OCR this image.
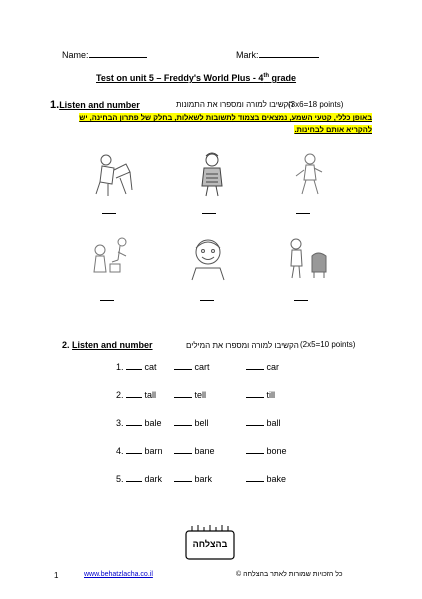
Name:	Mark:
Test on unit 5 – Freddy's World Plus - 4th grade
1.Listen and number	הקשיבו למורה ומספרו את התמונות
(3x6=18 points)
באופן כללי, קטעי השמע, נמצאים בצמוד לתשובות לשאלות, בחלק של פתרון הבחינה, יש
להקריא אותם לבחינות.
2. Listen and number	הקשיבו למורה ומספרו את המילים (2x5=10 points)
1. cat	cart	car
2. tall	tell	till
3. bale	bell	ball
4. barn	bane	bone
5. dark	bark	bake
בהצלחה
1	www.behatzlacha.co.il	כל הזכויות שמורות לאתר בהצלחה ©
